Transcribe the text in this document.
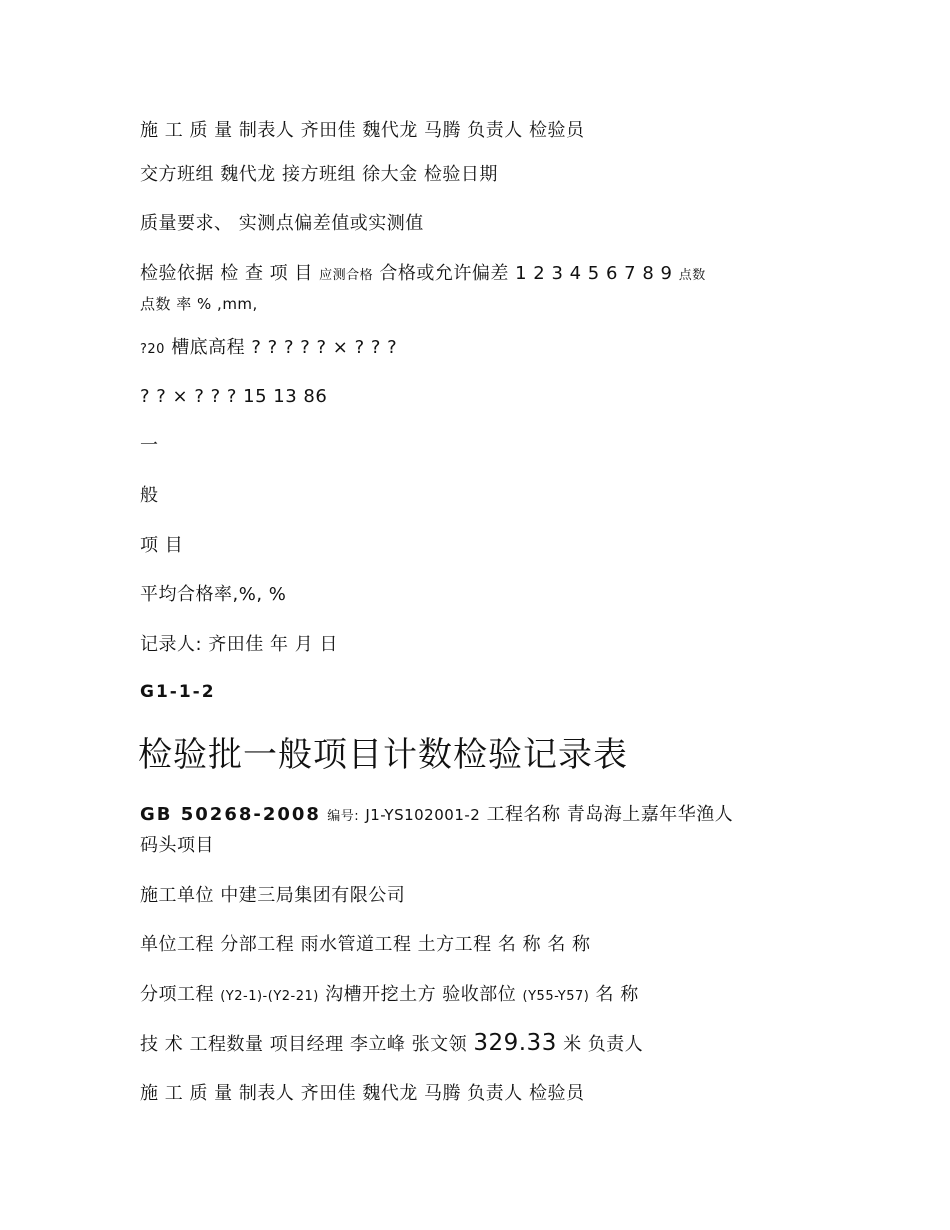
施 工 质 量 制表人 齐田佳 魏代龙 马腾 负责人 检验员
交方班组 魏代龙 接方班组 徐大金 检验日期
质量要求、 实测点偏差值或实测值
检验依据 检 查 项 目 应测合格 合格或允许偏差 1 2 3 4 5 6 7 8 9 点数
点数 率 % ,mm,
?20 槽底高程 ? ? ? ? ? × ? ? ?
? ? × ? ? ? 15 13 86
一
般
项 目
平均合格率,%, %
记录人: 齐田佳 年 月 日
G1-1-2
检验批一般项目计数检验记录表
GB 50268-2008 编号: J1-YS102001-2 工程名称 青岛海上嘉年华渔人
码头项目
施工单位 中建三局集团有限公司
单位工程 分部工程 雨水管道工程 土方工程 名 称 名 称
分项工程 (Y2-1)-(Y2-21) 沟槽开挖土方 验收部位 (Y55-Y57) 名 称
技 术 工程数量 项目经理 李立峰 张文领 329.33 米 负责人
施 工 质 量 制表人 齐田佳 魏代龙 马腾 负责人 检验员
